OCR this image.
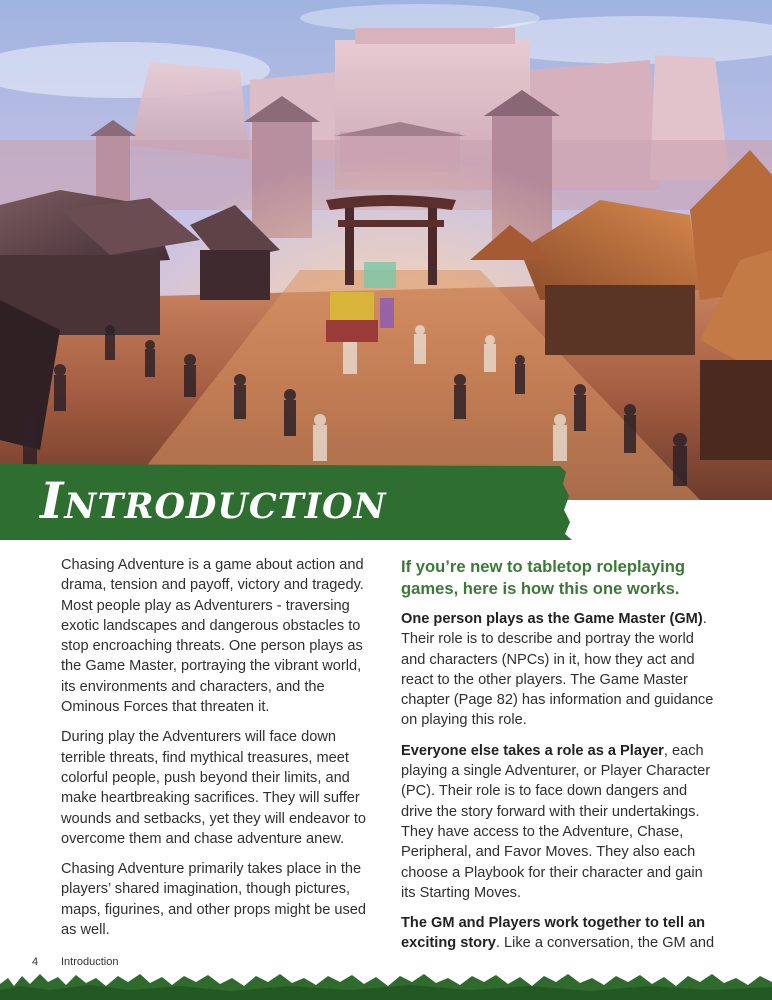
Introduction

Chasing Adventure is a game about action and drama, tension and payoff, victory and tragedy. Most people play as Adventurers - traversing exotic landscapes and dangerous obstacles to stop encroaching threats. One person plays as the Game Master, portraying the vibrant world, its environments and characters, and the Ominous Forces that threaten it.

During play the Adventurers will face down terrible threats, find mythical treasures, meet colorful people, push beyond their limits, and make heartbreaking sacrifices. They will suffer wounds and setbacks, yet they will endeavor to overcome them and chase adventure anew.

Chasing Adventure primarily takes place in the players’ shared imagination, though pictures, maps, figurines, and other props might be used as well.

If you’re new to tabletop roleplaying games, here is how this one works.

One person plays as the Game Master (GM). Their role is to describe and portray the world and characters (NPCs) in it, how they act and react to the other players. The Game Master chapter (Page 82) has information and guidance on playing this role.

Everyone else takes a role as a Player, each playing a single Adventurer, or Player Character (PC). Their role is to face down dangers and drive the story forward with their undertakings. They have access to the Adventure, Chase, Peripheral, and Favor Moves. They also each choose a Playbook for their character and gain its Starting Moves.

The GM and Players work together to tell an exciting story. Like a conversation, the GM and

4 Introduction
